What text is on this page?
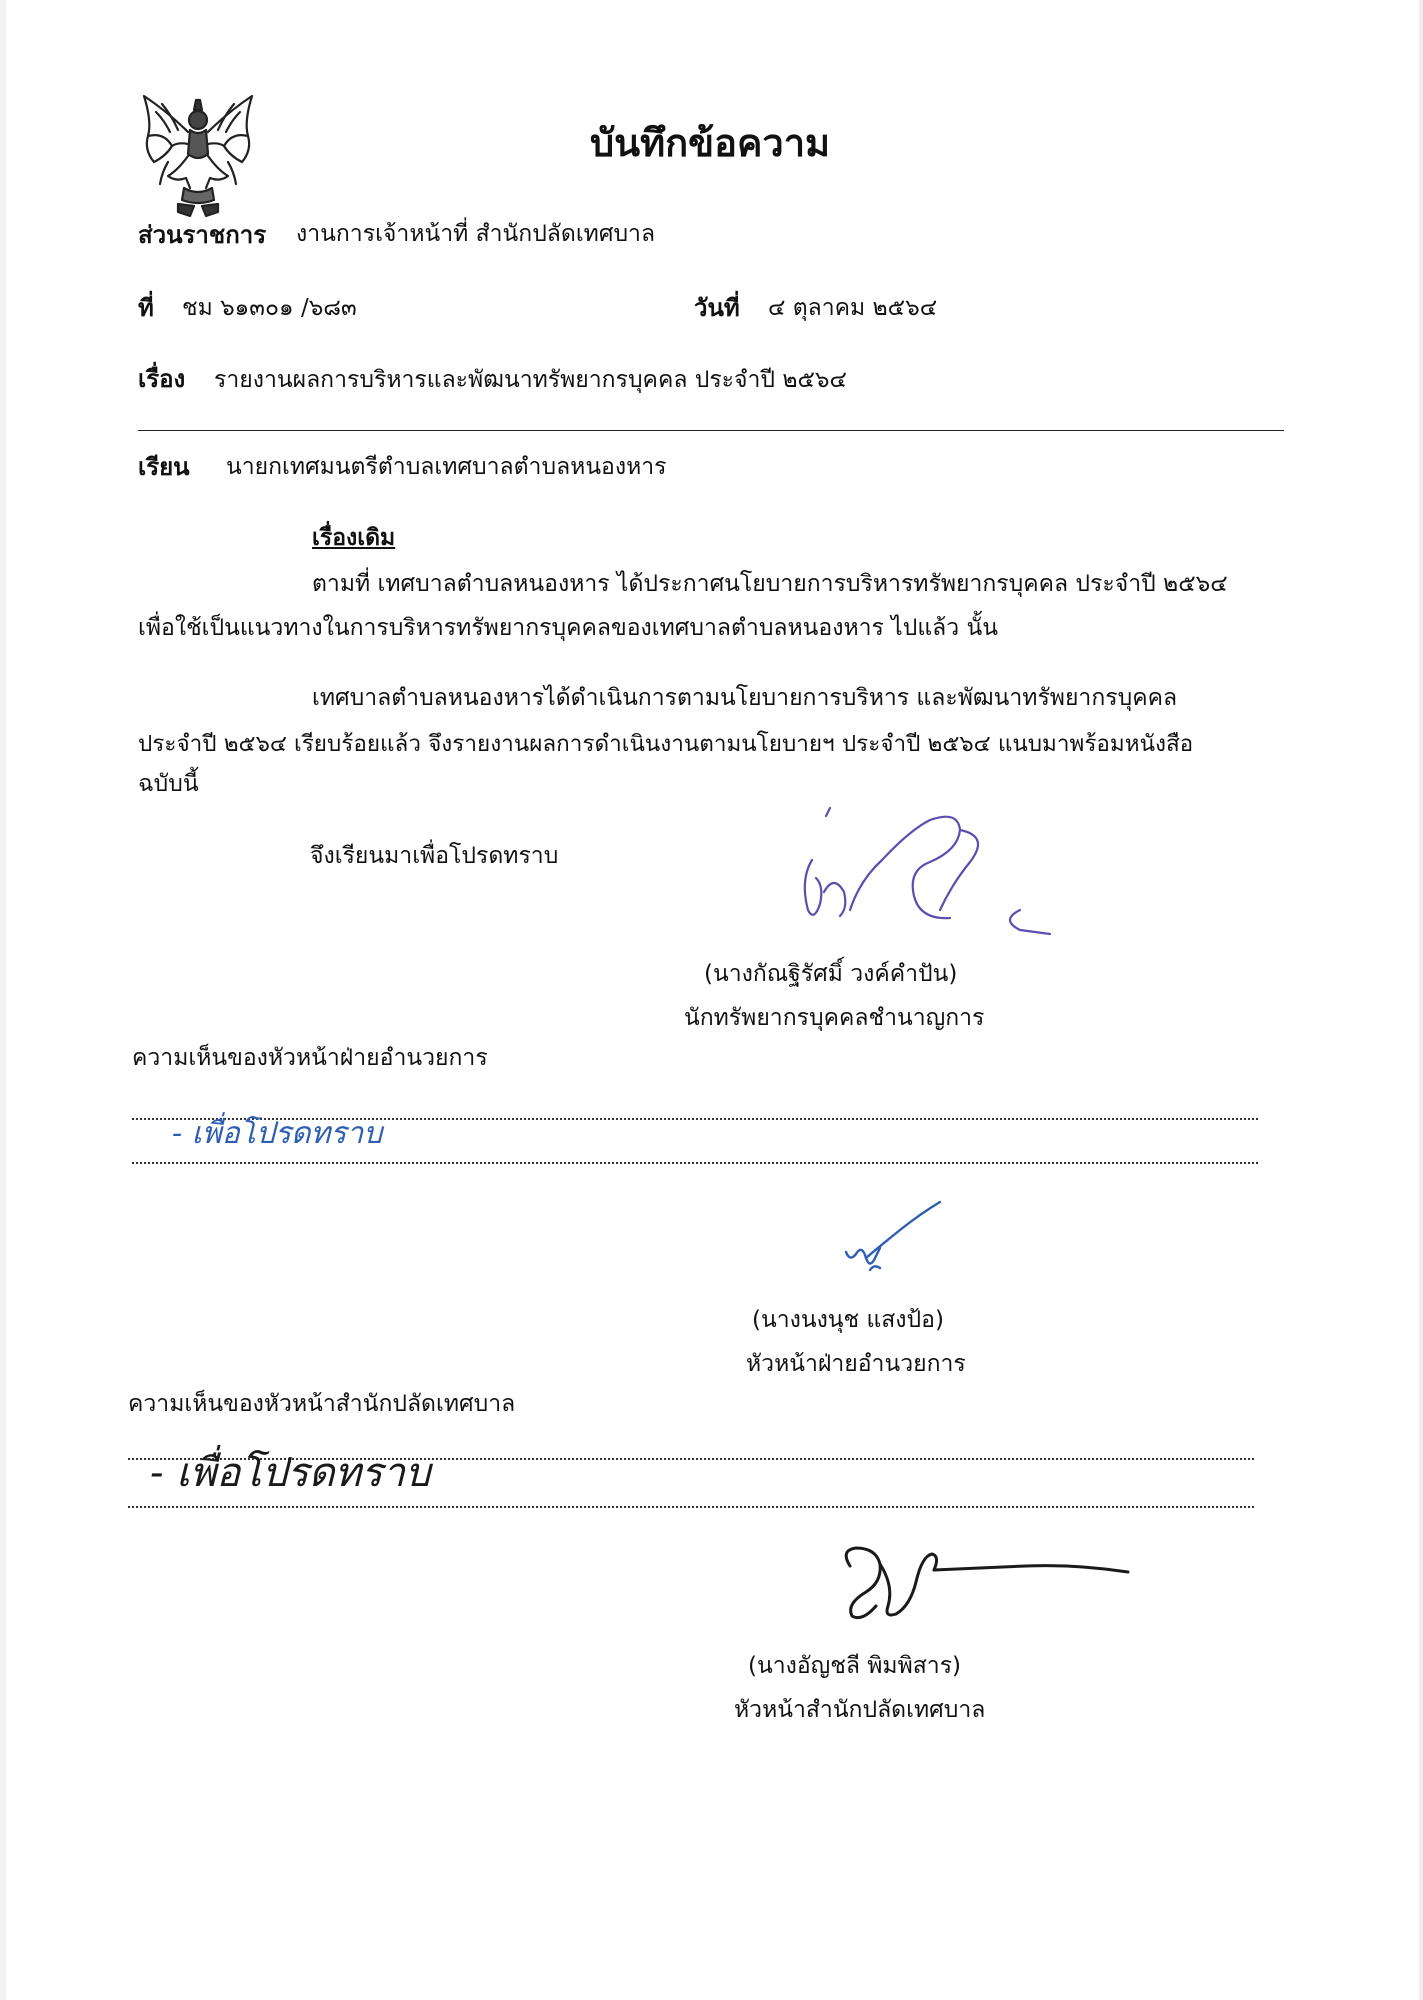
บันทึกข้อความ
ส่วนราชการ งานการเจ้าหน้าที่ สำนักปลัดเทศบาล
ที่ ชม ๖๑๓๐๑ /๖๘๓	วันที่ ๔ ตุลาคม ๒๕๖๔
เรื่อง รายงานผลการบริหารและพัฒนาทรัพยากรบุคคล ประจำปี ๒๕๖๔
เรียน นายกเทศมนตรีตำบลเทศบาลตำบลหนองหาร
เรื่องเดิม
ตามที่ เทศบาลตำบลหนองหาร ได้ประกาศนโยบายการบริหารทรัพยากรบุคคล ประจำปี ๒๕๖๔
เพื่อใช้เป็นแนวทางในการบริหารทรัพยากรบุคคลของเทศบาลตำบลหนองหาร ไปแล้ว นั้น
เทศบาลตำบลหนองหารได้ดำเนินการตามนโยบายการบริหาร และพัฒนาทรัพยากรบุคคล
ประจำปี ๒๕๖๔ เรียบร้อยแล้ว จึงรายงานผลการดำเนินงานตามนโยบายฯ ประจำปี ๒๕๖๔ แนบมาพร้อมหนังสือ
ฉบับนี้
จึงเรียนมาเพื่อโปรดทราบ
(นางกัณฐิรัศมิ์ วงค์คำปัน)
นักทรัพยากรบุคคลชำนาญการ
ความเห็นของหัวหน้าฝ่ายอำนวยการ
- เพื่อโปรดทราบ
(นางนงนุช แสงป้อ)
หัวหน้าฝ่ายอำนวยการ
ความเห็นของหัวหน้าสำนักปลัดเทศบาล
- เพื่อโปรดทราบ
(นางอัญชลี พิมพิสาร)
หัวหน้าสำนักปลัดเทศบาล
